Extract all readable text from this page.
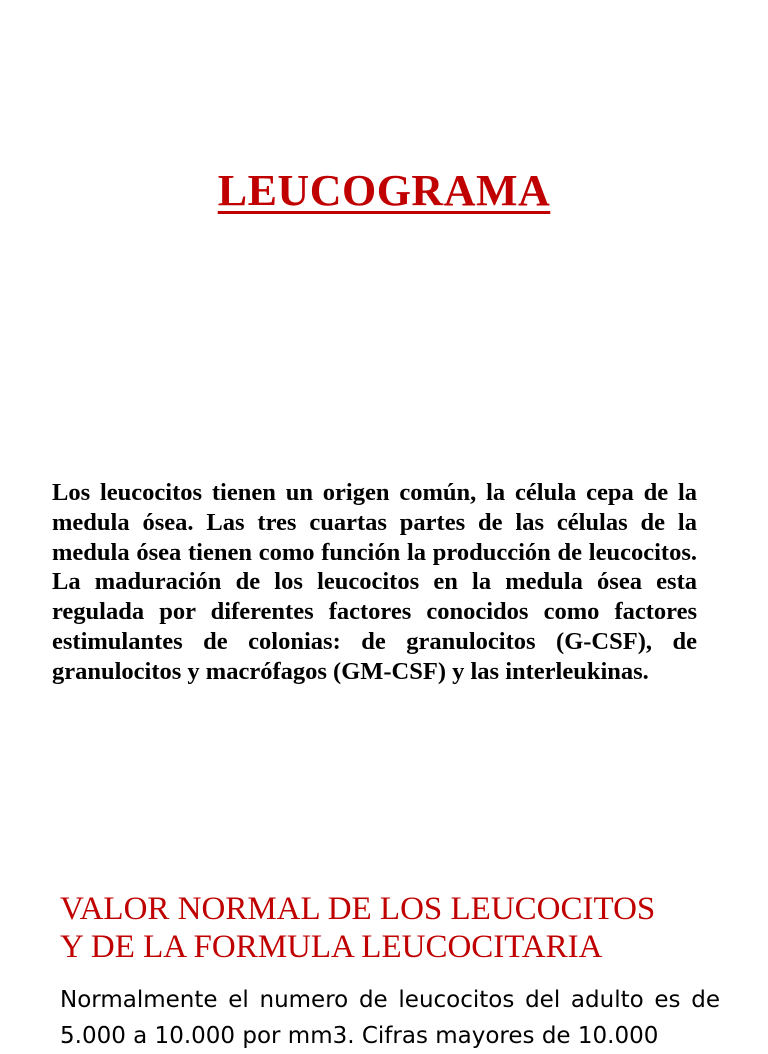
LEUCOGRAMA

Los leucocitos tienen un origen común, la célula cepa de la medula ósea. Las tres cuartas partes de las células de la medula ósea tienen como función la producción de leucocitos. La maduración de los leucocitos en la medula ósea esta regulada por diferentes factores conocidos como factores estimulantes de colonias: de granulocitos (G-CSF), de granulocitos y macrófagos (GM-CSF) y las interleukinas.

VALOR NORMAL DE LOS LEUCOCITOS
Y DE LA FORMULA LEUCOCITARIA

Normalmente el numero de leucocitos del adulto es de 5.000 a 10.000 por mm3. Cifras mayores de 10.000
